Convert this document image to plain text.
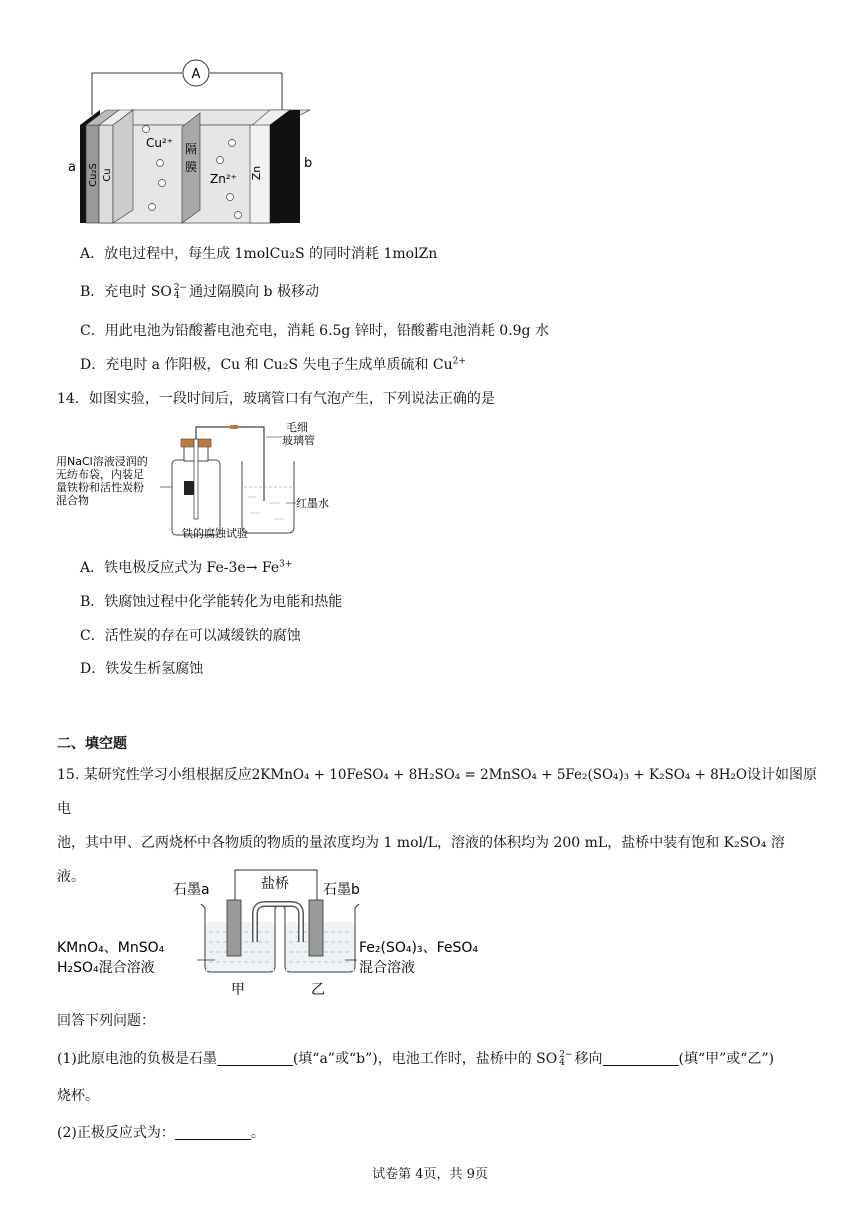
A
Cu₂S Cu
隔
膜	Zn
Cu²⁺
Zn²⁺
a	b
A．放电过程中，每生成 1molCu₂S 的同时消耗 1molZn
B．充电时 SO 2−
4 通过隔膜向 b 极移动
C．用此电池为铅酸蓄电池充电，消耗 6.5g 锌时，铅酸蓄电池消耗 0.9g 水
D．充电时 a 作阳极，Cu 和 Cu₂S 失电子生成单质硫和 $Cu^{2+}$
14．如图实验，一段时间后，玻璃管口有气泡产生，下列说法正确的是
用NaCl溶液浸润的
无纺布袋，内装足
量铁粉和活性炭粉
混合物
毛细
玻璃管
红墨水
铁的腐蚀试验
A．铁电极反应式为 $Fe-3e\to Fe^{3+}$
B．铁腐蚀过程中化学能转化为电能和热能
C．活性炭的存在可以减缓铁的腐蚀
D．铁发生析氢腐蚀
二、填空题
15. 某研究性学习小组根据反应2KMnO₄ + 10FeSO₄ + 8H₂SO₄ = 2MnSO₄ + 5Fe₂(SO₄)₃ + K₂SO₄ + 8H₂O设计如图原电
池，其中甲、乙两烧杯中各物质的物质的量浓度均为 1 mol/L，溶液的体积均为 200 mL，盐桥中装有饱和 K₂SO₄ 溶
液。	盐桥
石墨a	石墨b
KMnO₄、MnSO₄
H₂SO₄混合溶液
Fe₂(SO₄)₃、FeSO₄
混合溶液
甲	乙
回答下列问题：
(1)此原电池的负极是石墨	(填“a”或“b”)，电池工作时，盐桥中的 SO 2−
4 移向	(填“甲”或“乙”)
烧杯。
(2)正极反应式为：	。
试卷第 4页，共 9页
